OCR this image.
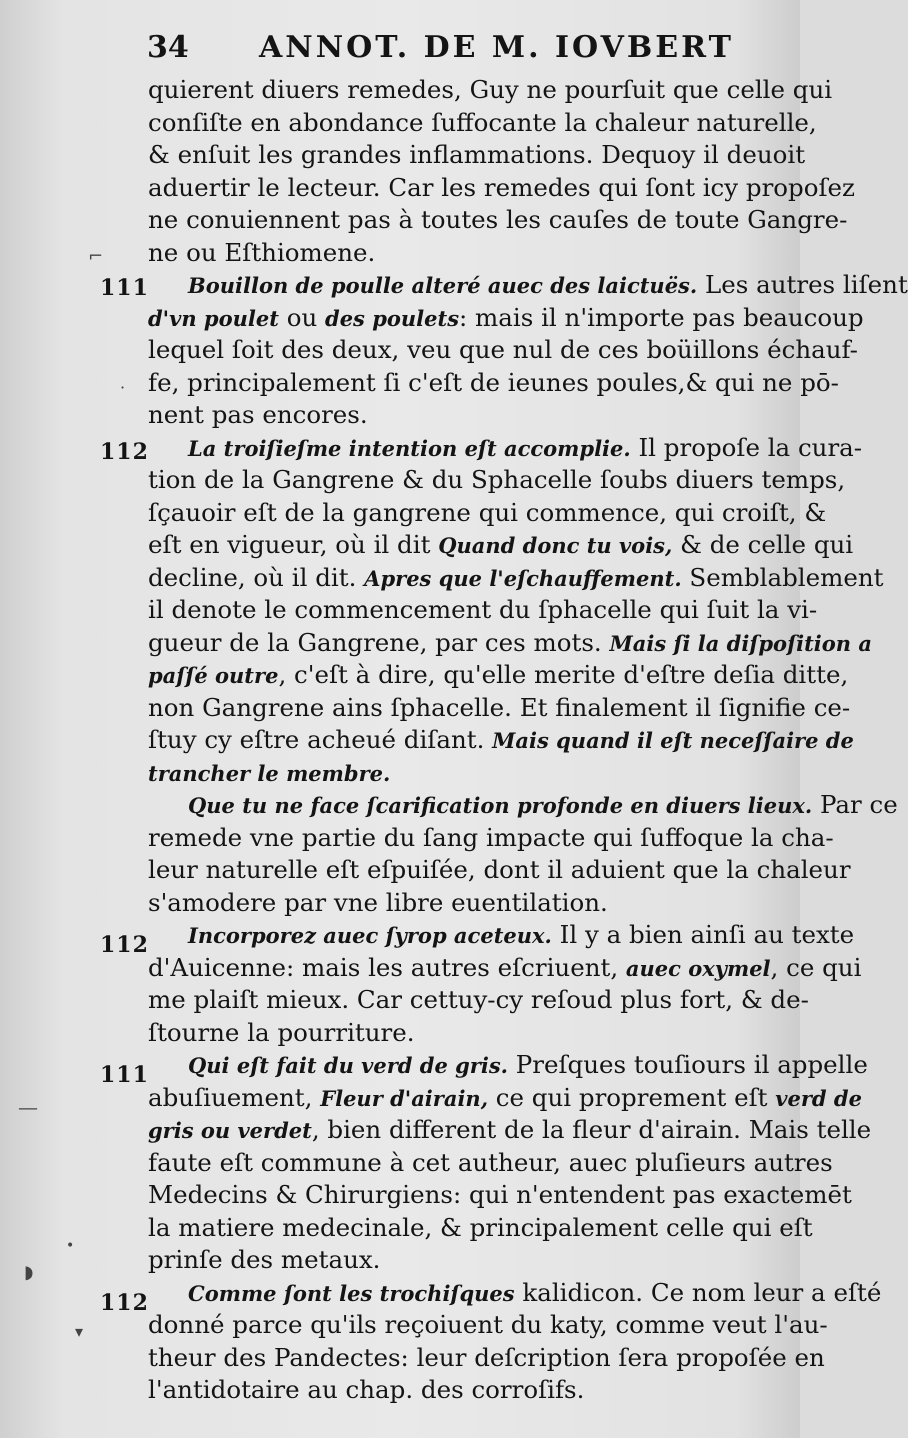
34 ANNOT. DE M. IOVBERT
111
112
112
111
112
quierent diuers remedes, Guy ne pourſuit que celle qui
conſiſte en abondance ſuffocante la chaleur naturelle,
& enſuit les grandes inflammations. Dequoy il deuoit
aduertir le lecteur. Car les remedes qui ſont icy propoſez
ne conuiennent pas à toutes les cauſes de toute Gangre-
ne ou Eſthiomene.
Bouillon de poulle alteré auec des laictuës. Les autres liſent
d'vn poulet ou des poulets: mais il n'importe pas beaucoup
lequel ſoit des deux, veu que nul de ces boüillons échauf-
fe, principalement ſi c'eſt de ieunes poules,& qui ne pō-
nent pas encores.
La troiſieſme intention eſt accomplie. Il propoſe la cura-
tion de la Gangrene & du Sphacelle ſoubs diuers temps,
ſçauoir eſt de la gangrene qui commence, qui croiſt, &
eſt en vigueur, où il dit Quand donc tu vois, & de celle qui
decline, où il dit. Apres que l'eſchauffement. Semblablement
il denote le commencement du ſphacelle qui ſuit la vi-
gueur de la Gangrene, par ces mots. Mais ſi la diſpoſition a
paſſé outre, c'eſt à dire, qu'elle merite d'eſtre deſia ditte,
non Gangrene ains ſphacelle. Et finalement il ſignifie ce-
ſtuy cy eſtre acheué diſant. Mais quand il eſt neceſſaire de
trancher le membre.
Que tu ne face ſcarification profonde en diuers lieux. Par ce
remede vne partie du ſang impacte qui ſuffoque la cha-
leur naturelle eſt eſpuiſée, dont il aduient que la chaleur
s'amodere par vne libre euentilation.
Incorporez auec ſyrop aceteux. Il y a bien ainſi au texte
d'Auicenne: mais les autres eſcriuent, auec oxymel, ce qui
me plaiſt mieux. Car cettuy-cy reſoud plus fort, & de-
ſtourne la pourriture.
Qui eſt fait du verd de gris. Preſques touſiours il appelle
abuſiuement, Fleur d'airain, ce qui proprement eſt verd de
gris ou verdet, bien different de la fleur d'airain. Mais telle
faute eſt commune à cet autheur, auec pluſieurs autres
Medecins & Chirurgiens: qui n'entendent pas exactemēt
la matiere medecinale, & principalement celle qui eſt
prinſe des metaux.
Comme ſont les trochiſques kalidicon. Ce nom leur a eſté
donné parce qu'ils reçoiuent du katy, comme veut l'au-
theur des Pandectes: leur deſcription ſera propoſée en
l'antidotaire au chap. des corroſifs.
⌐
·
—
•
◗
▾
